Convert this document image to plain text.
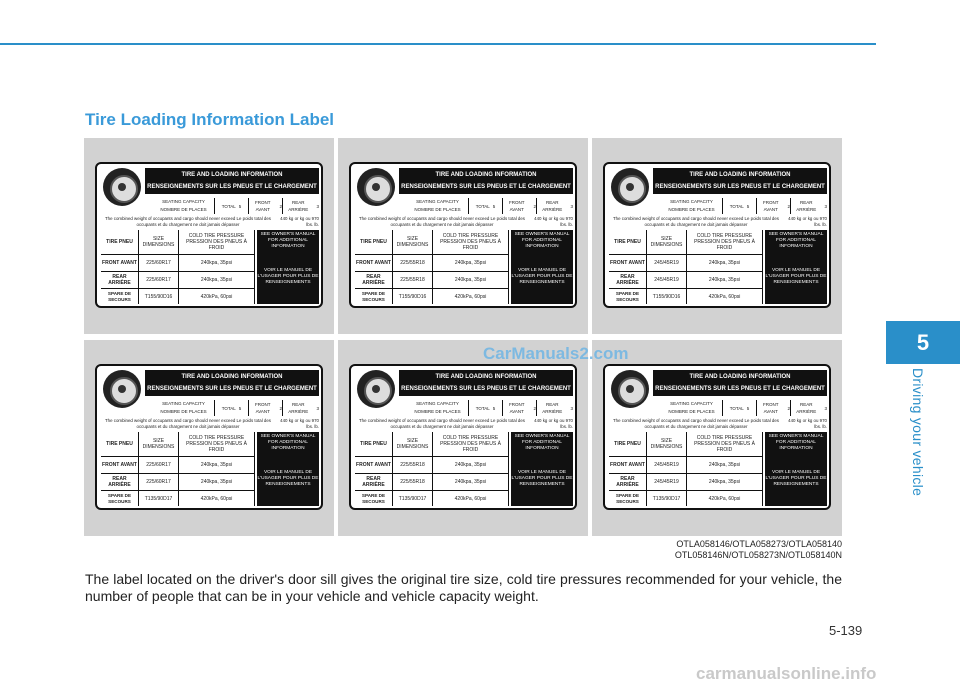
Tire Loading Information Label
5
Driving your vehicle
TIRE AND LOADING INFORMATION
RENSEIGNEMENTS SUR LES PNEUS ET LE CHARGEMENT
SEATING CAPACITY NOMBRE DE PLACES
TOTAL 5
FRONT AVANT
2
REAR ARRIÈRE
3
The combined weight of occupants and cargo should never exceed Le poids total des occupants et du chargement ne doit jamais dépasser
440 kg or kg ou 970 lbs. lb.
TIRE PNEU
FRONT AVANT
REAR ARRIÈRE
SPARE DE SECOURS
SIZE DIMENSIONS
225/60R17
225/60R17
T155/90D16
COLD TIRE PRESSURE PRESSION DES PNEUS À FROID
240kpa, 35psi
240kpa, 35psi
420kPa, 60psi
SEE OWNER'S MANUAL FOR ADDITIONAL INFORMATION
VOIR LE MANUEL DE L'USAGER POUR PLUS DE RENSEIGNEMENTS
TIRE AND LOADING INFORMATION
RENSEIGNEMENTS SUR LES PNEUS ET LE CHARGEMENT
SEATING CAPACITY NOMBRE DE PLACES
TOTAL 5
FRONT AVANT
2
REAR ARRIÈRE
3
The combined weight of occupants and cargo should never exceed Le poids total des occupants et du chargement ne doit jamais dépasser
440 kg or kg ou 970 lbs. lb.
TIRE PNEU
FRONT AVANT
REAR ARRIÈRE
SPARE DE SECOURS
SIZE DIMENSIONS
225/55R18
225/55R18
T155/90D16
COLD TIRE PRESSURE PRESSION DES PNEUS À FROID
240kpa, 35psi
240kpa, 35psi
420kPa, 60psi
SEE OWNER'S MANUAL FOR ADDITIONAL INFORMATION
VOIR LE MANUEL DE L'USAGER POUR PLUS DE RENSEIGNEMENTS
TIRE AND LOADING INFORMATION
RENSEIGNEMENTS SUR LES PNEUS ET LE CHARGEMENT
SEATING CAPACITY NOMBRE DE PLACES
TOTAL 5
FRONT AVANT
2
REAR ARRIÈRE
3
The combined weight of occupants and cargo should never exceed Le poids total des occupants et du chargement ne doit jamais dépasser
440 kg or kg ou 970 lbs. lb.
TIRE PNEU
FRONT AVANT
REAR ARRIÈRE
SPARE DE SECOURS
SIZE DIMENSIONS
245/45R19
245/45R19
T155/90D16
COLD TIRE PRESSURE PRESSION DES PNEUS À FROID
240kpa, 35psi
240kpa, 35psi
420kPa, 60psi
SEE OWNER'S MANUAL FOR ADDITIONAL INFORMATION
VOIR LE MANUEL DE L'USAGER POUR PLUS DE RENSEIGNEMENTS
TIRE AND LOADING INFORMATION
RENSEIGNEMENTS SUR LES PNEUS ET LE CHARGEMENT
SEATING CAPACITY NOMBRE DE PLACES
TOTAL 5
FRONT AVANT
2
REAR ARRIÈRE
3
The combined weight of occupants and cargo should never exceed Le poids total des occupants et du chargement ne doit jamais dépasser
440 kg or kg ou 970 lbs. lb.
TIRE PNEU
FRONT AVANT
REAR ARRIÈRE
SPARE DE SECOURS
SIZE DIMENSIONS
225/60R17
225/60R17
T135/90D17
COLD TIRE PRESSURE PRESSION DES PNEUS À FROID
240kpa, 35psi
240kpa, 35psi
420kPa, 60psi
SEE OWNER'S MANUAL FOR ADDITIONAL INFORMATION
VOIR LE MANUEL DE L'USAGER POUR PLUS DE RENSEIGNEMENTS
TIRE AND LOADING INFORMATION
RENSEIGNEMENTS SUR LES PNEUS ET LE CHARGEMENT
SEATING CAPACITY NOMBRE DE PLACES
TOTAL 5
FRONT AVANT
2
REAR ARRIÈRE
3
The combined weight of occupants and cargo should never exceed Le poids total des occupants et du chargement ne doit jamais dépasser
440 kg or kg ou 970 lbs. lb.
TIRE PNEU
FRONT AVANT
REAR ARRIÈRE
SPARE DE SECOURS
SIZE DIMENSIONS
225/55R18
225/55R18
T135/90D17
COLD TIRE PRESSURE PRESSION DES PNEUS À FROID
240kpa, 35psi
240kpa, 35psi
420kPa, 60psi
SEE OWNER'S MANUAL FOR ADDITIONAL INFORMATION
VOIR LE MANUEL DE L'USAGER POUR PLUS DE RENSEIGNEMENTS
TIRE AND LOADING INFORMATION
RENSEIGNEMENTS SUR LES PNEUS ET LE CHARGEMENT
SEATING CAPACITY NOMBRE DE PLACES
TOTAL 5
FRONT AVANT
2
REAR ARRIÈRE
3
The combined weight of occupants and cargo should never exceed Le poids total des occupants et du chargement ne doit jamais dépasser
440 kg or kg ou 970 lbs. lb.
TIRE PNEU
FRONT AVANT
REAR ARRIÈRE
SPARE DE SECOURS
SIZE DIMENSIONS
245/45R19
245/45R19
T135/90D17
COLD TIRE PRESSURE PRESSION DES PNEUS À FROID
240kpa, 35psi
240kpa, 35psi
420kPa, 60psi
SEE OWNER'S MANUAL FOR ADDITIONAL INFORMATION
VOIR LE MANUEL DE L'USAGER POUR PLUS DE RENSEIGNEMENTS
OTLA058146/OTLA058273/OTLA058140
OTL058146N/OTL058273N/OTL058140N
The label located on the driver's door sill gives the original tire size, cold tire pressures recommended for your vehicle, the number of people that can be in your vehicle and vehicle capacity weight.
5-139
CarManuals2.com
carmanualsonline.info
